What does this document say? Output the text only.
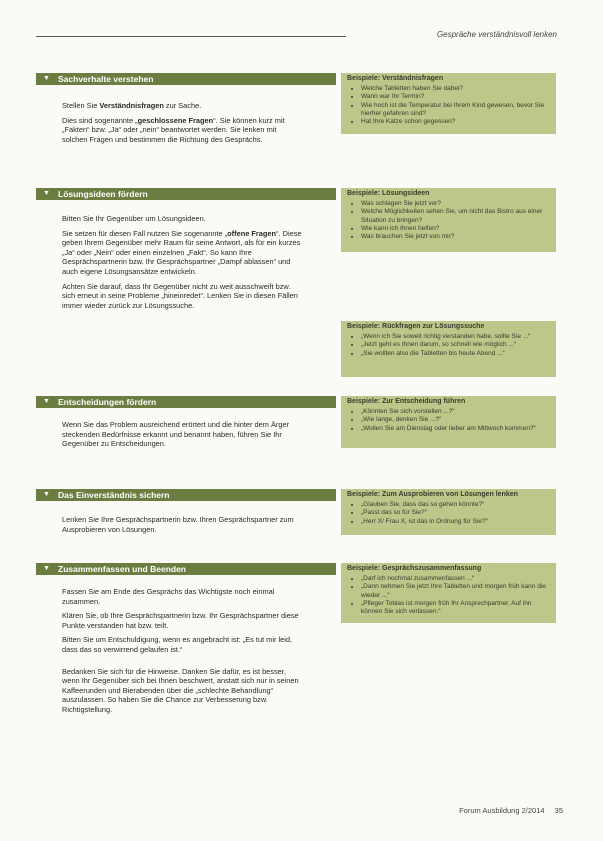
Gespräche verständnisvoll lenken
▼ Sachverhalte verstehen	Beispiele: Verständnisfragen
• Welche Tabletten haben Sie dabei?
• Wann war Ihr Termin?
• Wie hoch ist die Temperatur bei Ihrem Kind gewesen, bevor Sie hierher gefahren sind?
• Hat Ihre Katze schon gegessen?

Stellen Sie Verständnisfragen zur Sache.

Dies sind sogenannte „geschlossene Fragen“. Sie können kurz mit „Fakten“ bzw. „Ja“ oder „nein“ beantwortet werden. Sie lenken mit solchen Fragen und bestimmen die Richtung des Gesprächs.

▼ Lösungsideen fördern	Beispiele: Lösungsideen
• Was schlagen Sie jetzt vor?
• Welche Möglichkeiten sehen Sie, um nicht das Bistro aus einer Situation zu bringen?
• Wie kann ich Ihnen helfen?
• Was brauchen Sie jetzt von mir?
Beispiele: Rückfragen zur Lösungssuche
• „Wenn ich Sie soweit richtig verstanden habe, sollte Sie ...“
• „Jetzt geht es Ihnen darum, so schnell wie möglich ...“
• „Sie wollten also die Tabletten bis heute Abend ...“

Bitten Sie Ihr Gegenüber um Lösungsideen.

Sie setzen für diesen Fall nutzen Sie sogenannte „offene Fragen“. Diese geben Ihrem Gegenüber mehr Raum für seine Antwort, als für ein kurzes „Ja“ oder „Nein“ oder einen einzelnen „Fakt“. So kann Ihre Gesprächspartnerin bzw. Ihr Gesprächspartner „Dampf ablassen“ und auch eigene Lösungsansätze entwickeln.

Achten Sie darauf, dass Ihr Gegenüber nicht zu weit ausschweift bzw. sich erneut in seine Probleme „hineinredet“. Lenken Sie in diesen Fällen immer wieder zurück zur Lösungssuche.

▼ Entscheidungen fördern	Beispiele: Zur Entscheidung führen
• „Könnten Sie sich vorstellen ...?“
• „Wie lange, denken Sie ...?“
• „Wollen Sie am Dienstag oder lieber am Mittwoch kommen?“

Wenn Sie das Problem ausreichend erörtert und die hinter dem Ärger steckenden Bedürfnisse erkannt und benannt haben, führen Sie Ihr Gegenüber zu Entscheidungen.

▼ Das Einverständnis sichern	Beispiele: Zum Ausprobieren von Lösungen lenken
• „Glauben Sie, dass das so gehen könnte?“
• „Passt das so für Sie?“
• „Herr X/ Frau X, ist das in Ordnung für Sie?“

Lenken Sie Ihre Gesprächspartnerin bzw. Ihren Gesprächspartner zum Ausprobieren von Lösungen.

▼ Zusammenfassen und Beenden	Beispiele: Gesprächszusammenfassung
• „Darf ich nochmal zusammenfassen ...“
• „Dann nehmen Sie jetzt Ihre Tabletten und morgen früh kann die wieder ...“
• „Pfleger Tobias ist morgen früh Ihr Ansprechpartner. Auf ihn können Sie sich verlassen.“

Fassen Sie am Ende des Gesprächs das Wichtigste noch einmal zusammen.

Klären Sie, ob Ihre Gesprächspartnerin bzw. Ihr Gesprächspartner diese Punkte verstanden hat bzw. teilt.

Bitten Sie um Entschuldigung, wenn es angebracht ist: „Es tut mir leid, dass das so verwirrend gelaufen ist.“

Bedanken Sie sich für die Hinweise. Danken Sie dafür, es ist besser, wenn Ihr Gegenüber sich bei Ihnen beschwert, anstatt sich nur in seinen Kaffeerunden und Bierabenden über die „schlechte Behandlung“ auszulassen. So haben Sie die Chance zur Verbesserung bzw. Richtigstellung.

Forum Ausbildung 2/2014 35
